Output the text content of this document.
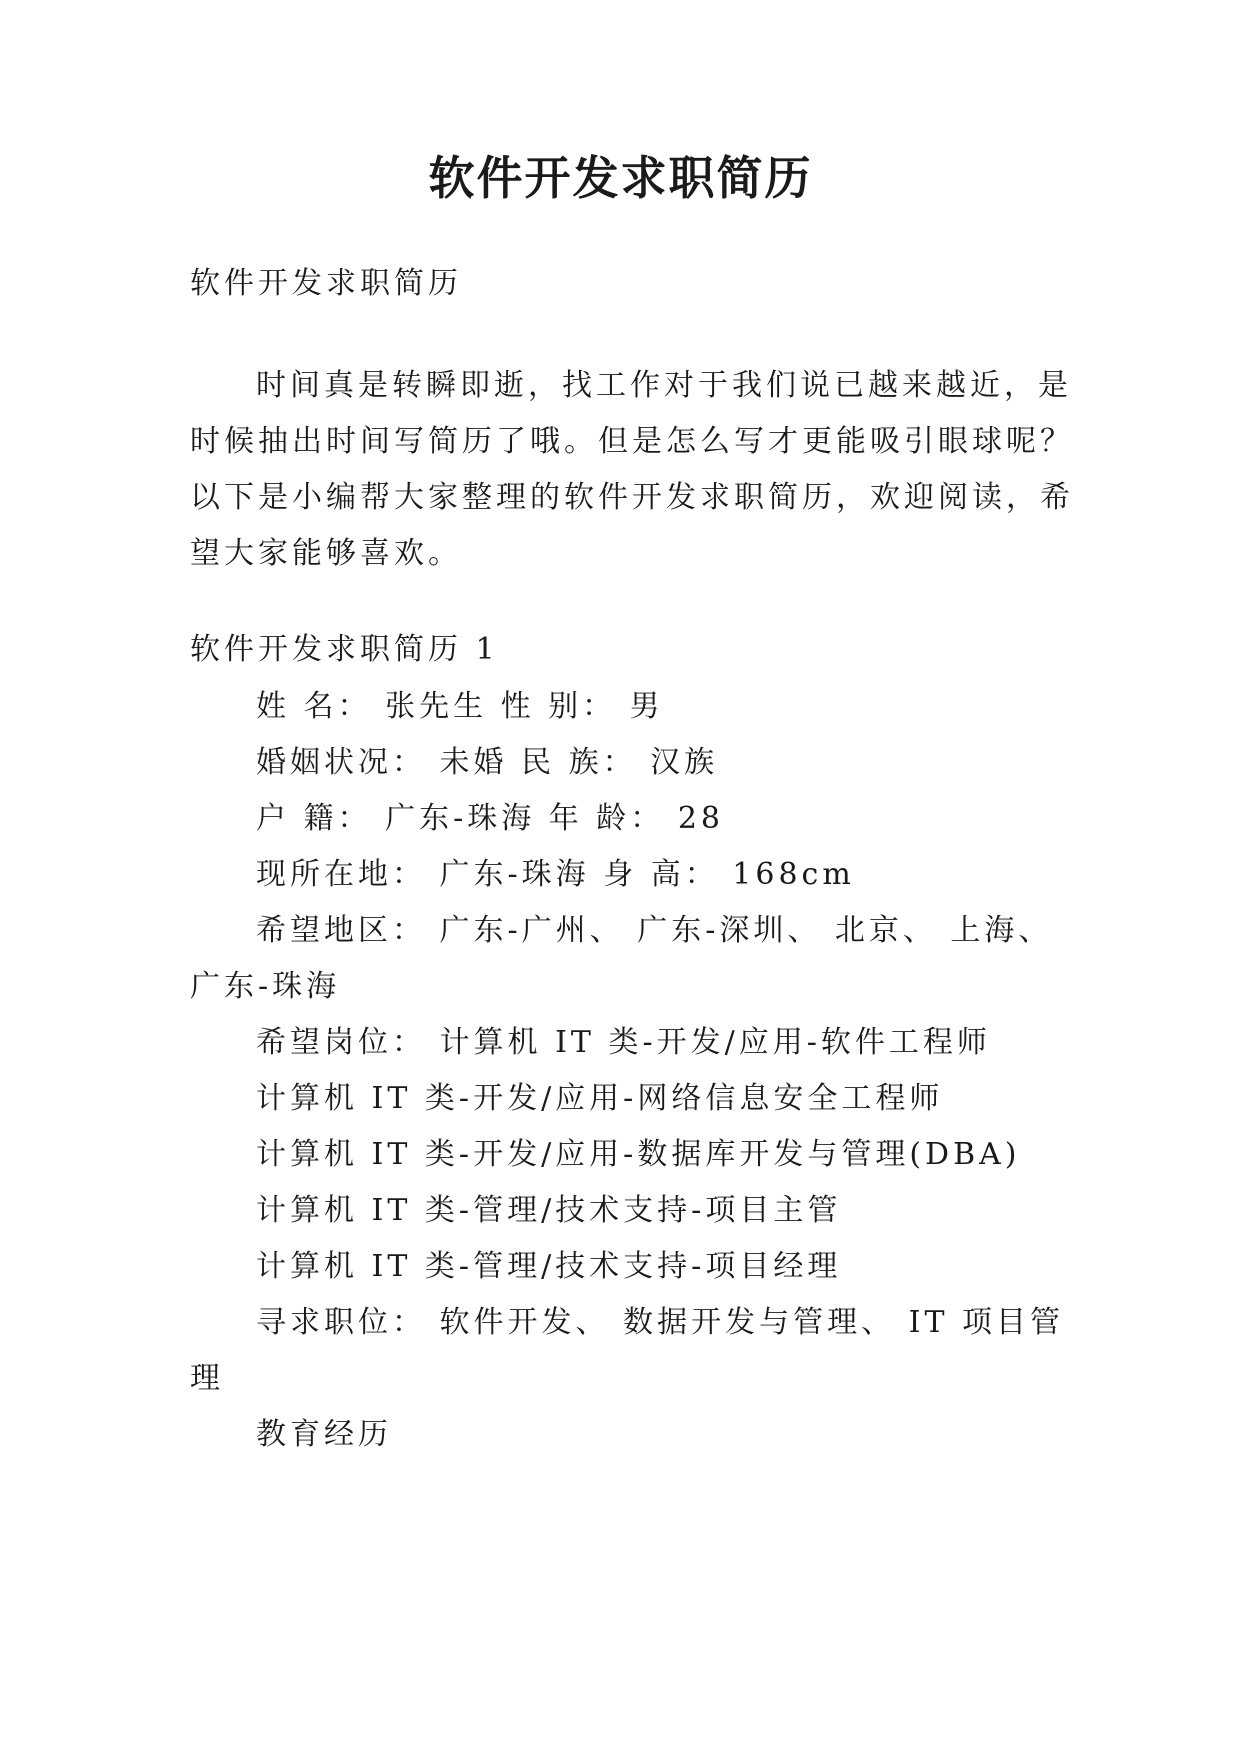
软件开发求职简历
软件开发求职简历
时间真是转瞬即逝，找工作对于我们说已越来越近，是
时候抽出时间写简历了哦。但是怎么写才更能吸引眼球呢？
以下是小编帮大家整理的软件开发求职简历，欢迎阅读，希
望大家能够喜欢。
软件开发求职简历 1
姓 名： 张先生 性 别： 男
婚姻状况： 未婚 民 族： 汉族
户 籍： 广东-珠海 年 龄： 28
现所在地： 广东-珠海 身 高： 168cm
希望地区： 广东-广州、 广东-深圳、 北京、 上海、
广东-珠海
希望岗位： 计算机 IT 类-开发/应用-软件工程师
计算机 IT 类-开发/应用-网络信息安全工程师
计算机 IT 类-开发/应用-数据库开发与管理(DBA)
计算机 IT 类-管理/技术支持-项目主管
计算机 IT 类-管理/技术支持-项目经理
寻求职位： 软件开发、 数据开发与管理、 IT 项目管
理
教育经历
